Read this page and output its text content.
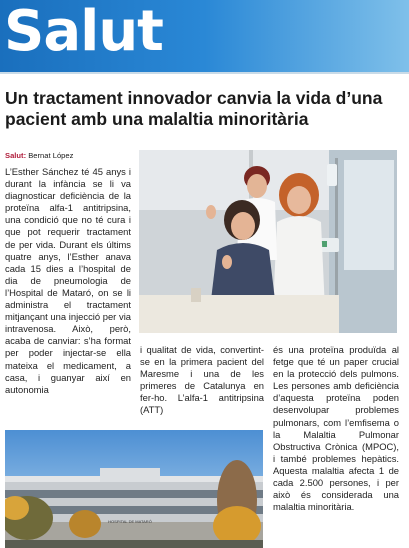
Salut
Un tractament innovador canvia la vida d’una pacient amb una malaltia minoritària
Salut: Bernat López
L’Esther Sánchez té 45 anys i durant la infància se li va diagnosticar deficiència de la proteïna alfa-1 antitripsina, una condició que no té cura i que pot requerir tractament de per vida. Durant els últims quatre anys, l’Esther anava cada 15 dies a l’hospital de dia de pneumologia de l’Hospital de Mataró, on se li administra el tractament mitjançant una injecció per via intravenosa. Això, però, acaba de canviar: s’ha format per poder injectar-se ella mateixa el medicament, a casa, i guanyar així en autonomia
i qualitat de vida, convertint-se en la primera pacient del Maresme i una de les primeres de Catalunya en fer-ho. L’alfa-1 antitripsina (ATT)
és una proteïna produïda al fetge que té un paper crucial en la protecció dels pulmons. Les persones amb deficiència d’aquesta proteïna poden desenvolupar problemes pulmonars, com l’emfisema o la Malaltia Pulmonar Obstructiva Crònica (MPOC), i també problemes hepàtics. Aquesta malaltia afecta 1 de cada 2.500 persones, i per això és considerada una malaltia minoritària.
HOSPITAL DE MATARÓ
